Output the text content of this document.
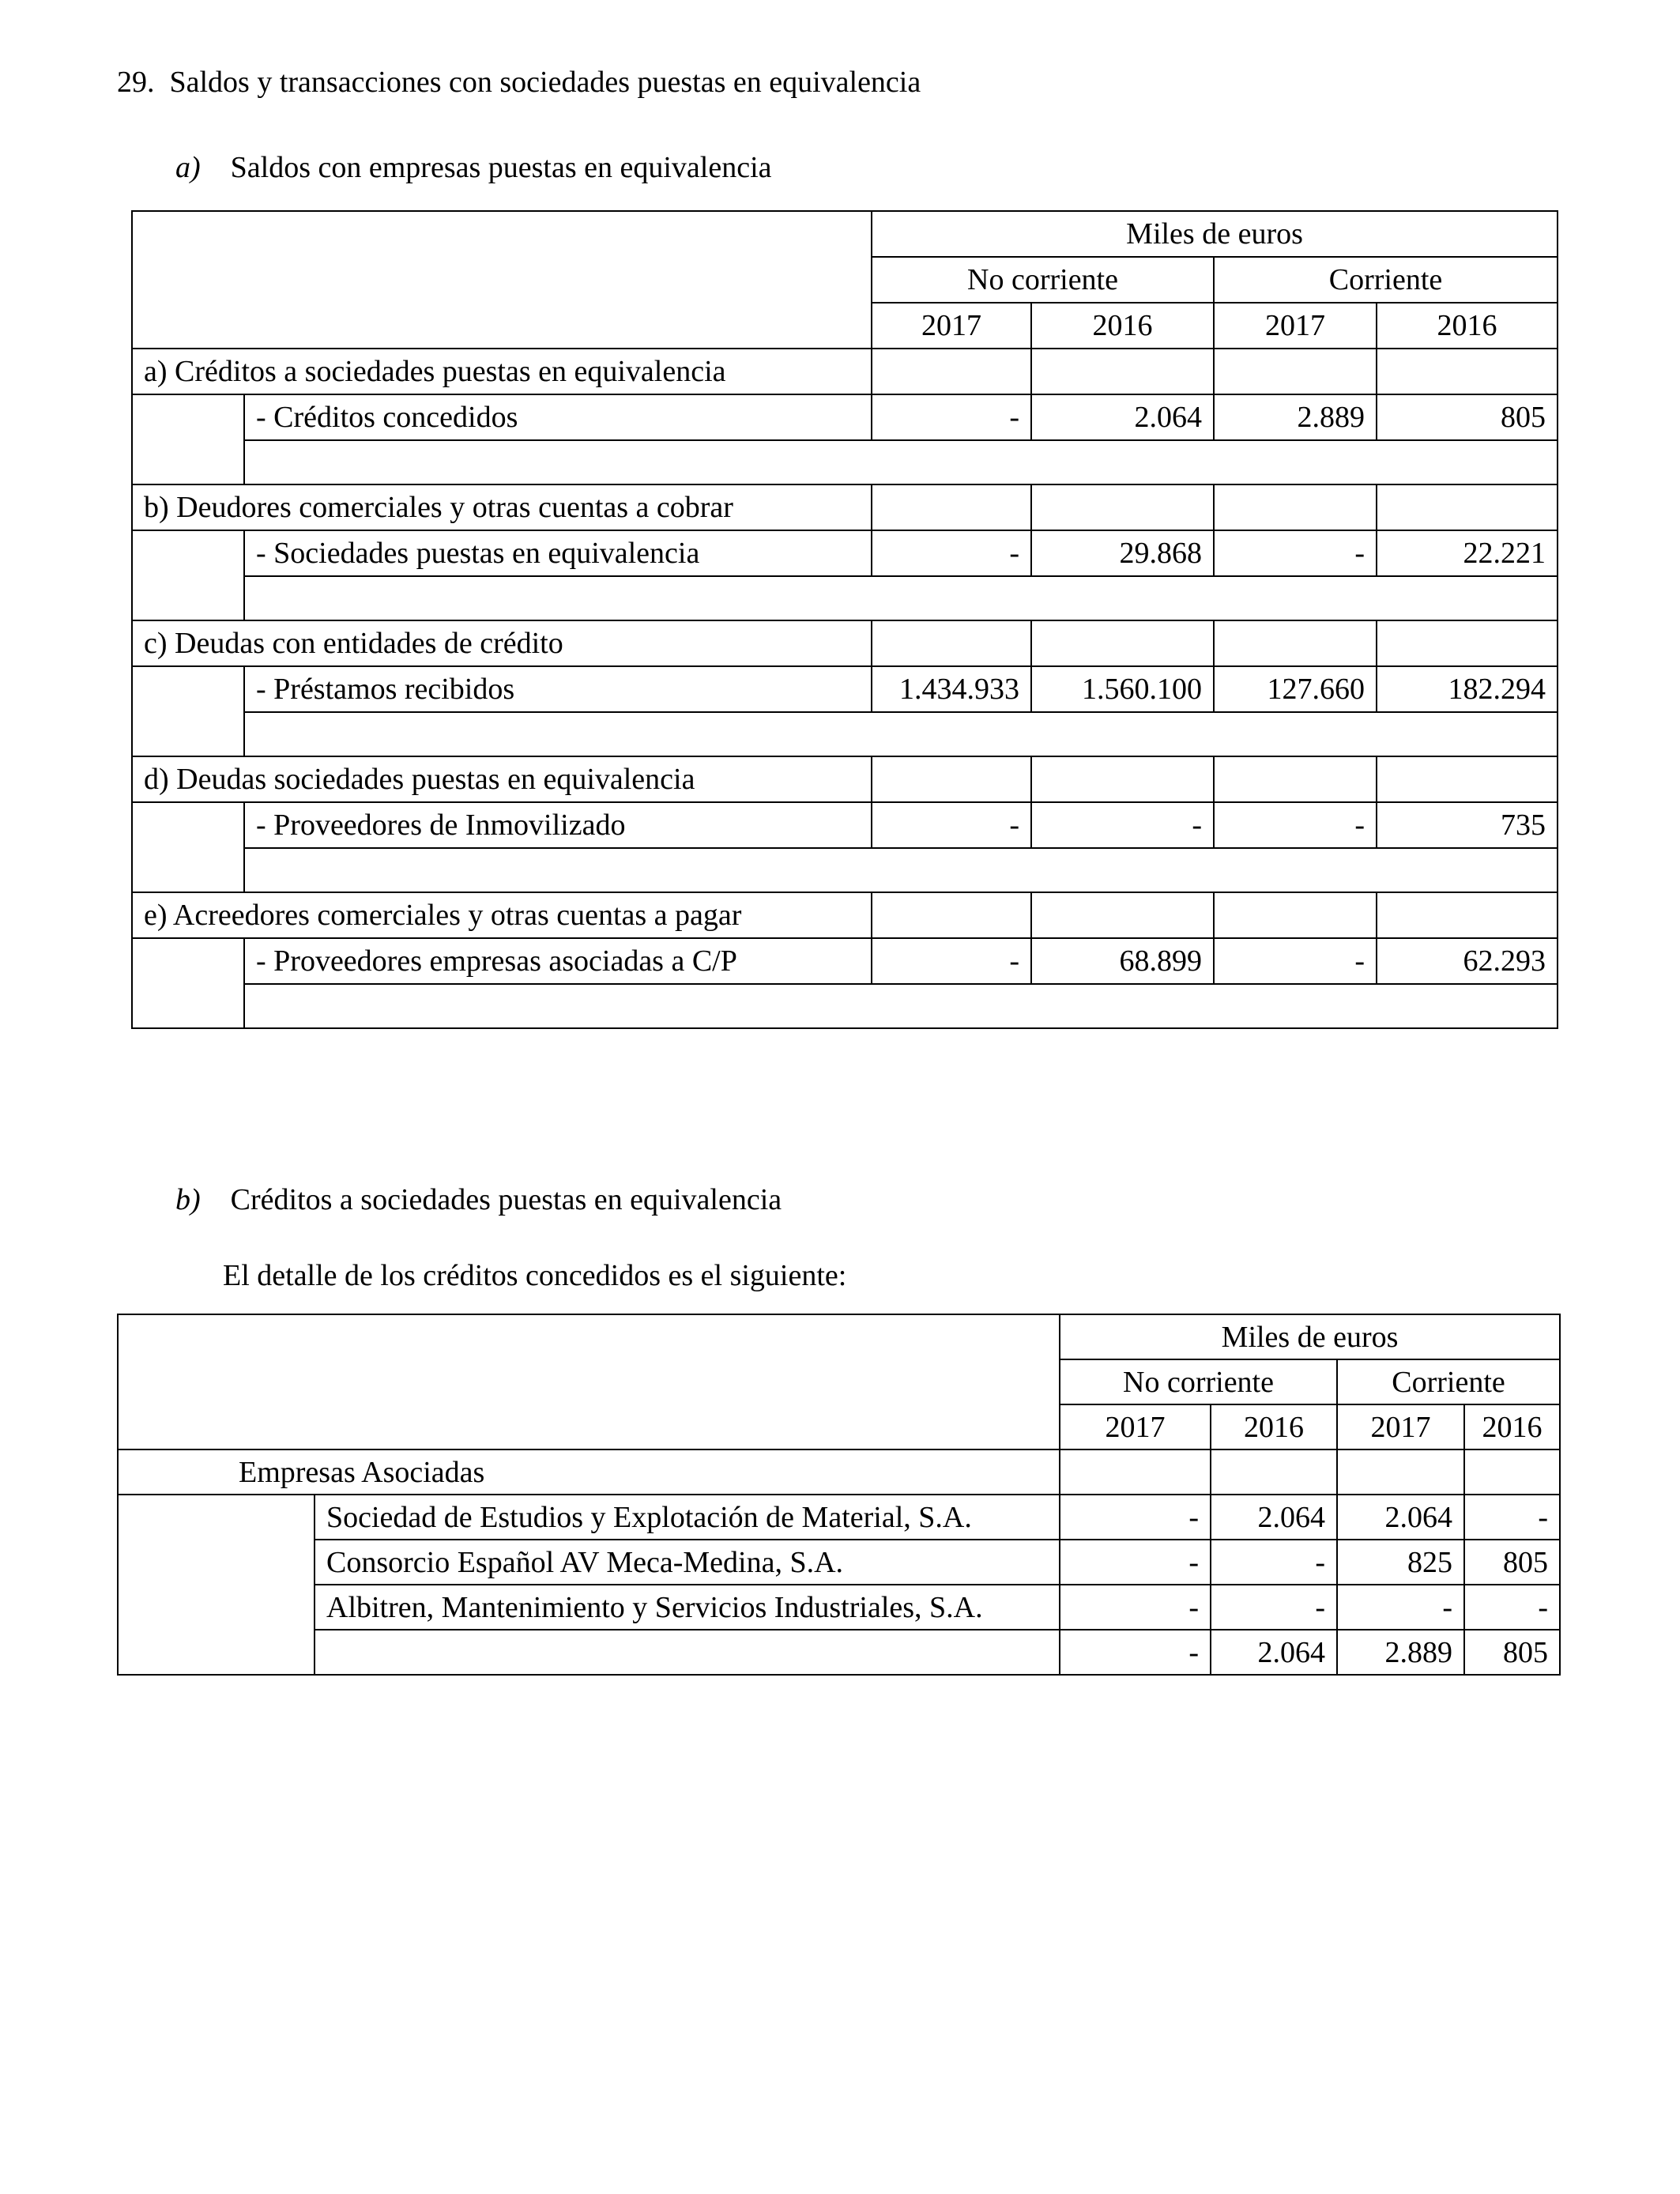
29. Saldos y transacciones con sociedades puestas en equivalencia
a) Saldos con empresas puestas en equivalencia
		Miles de euros			
		No corriente		Corriente	
		2017	2016	2017	2016
a) Créditos a sociedades puestas en equivalencia					
	- Créditos concedidos	-	2.064	2.889	805

b) Deudores comerciales y otras cuentas a cobrar					
	- Sociedades puestas en equivalencia	-	29.868	-	22.221

c) Deudas con entidades de crédito					
	- Préstamos recibidos	1.434.933	1.560.100	127.660	182.294

d) Deudas sociedades puestas en equivalencia					
	- Proveedores de Inmovilizado	-	-	-	735

e) Acreedores comerciales y otras cuentas a pagar					
	- Proveedores empresas asociadas a C/P	-	68.899	-	62.293

b) Créditos a sociedades puestas en equivalencia
El detalle de los créditos concedidos es el siguiente:
		Miles de euros			
		No corriente		Corriente	
		2017	2016	2017	2016
Empresas Asociadas					
	Sociedad de Estudios y Explotación de Material, S.A.	-	2.064	2.064	-
	Consorcio Español AV Meca-Medina, S.A.	-	-	825	805
	Albitren, Mantenimiento y Servicios Industriales, S.A.	-	-	-	-
		-	2.064	2.889	805
